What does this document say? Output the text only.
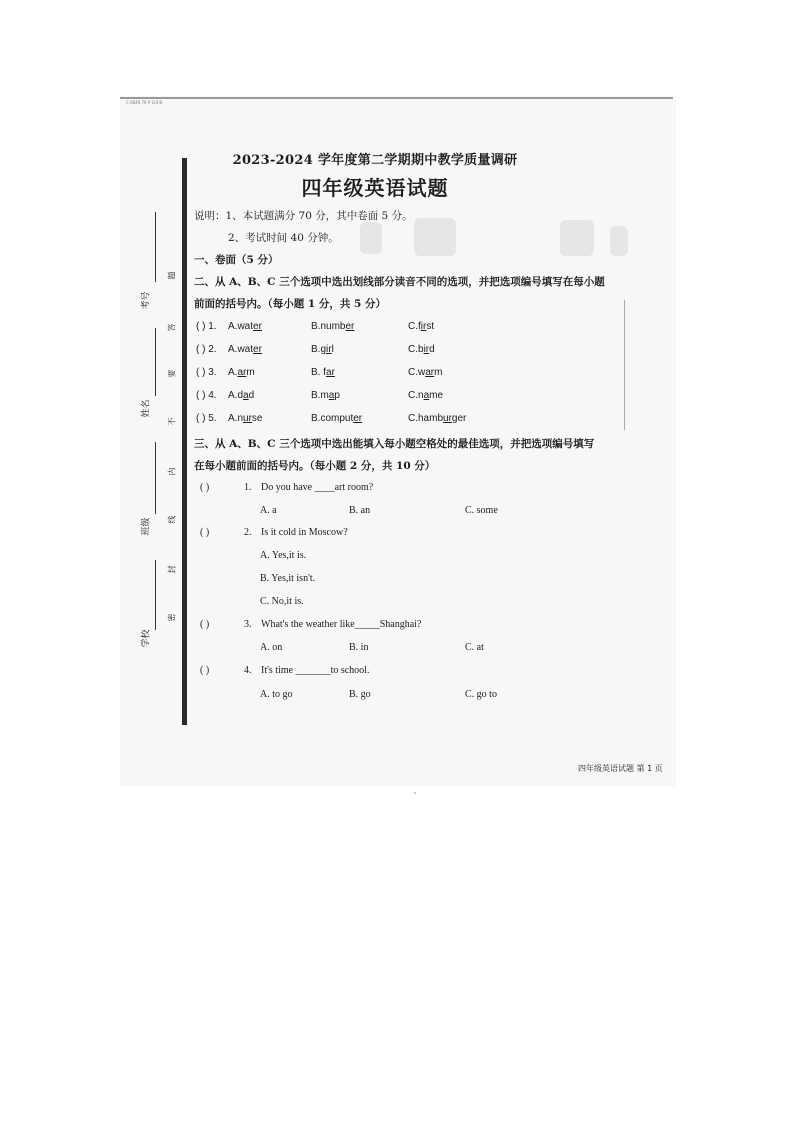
C 6649 7K P 1/4 B
考号
姓名
班级
学校
题
答
要
不
内
线
封
密
2023-2024 学年度第二学期期中教学质量调研
四年级英语试题
说明：1、本试题满分 70 分，其中卷面 5 分。
2、考试时间 40 分钟。
一、卷面（5 分）
二、从 A、B、C 三个选项中选出划线部分读音不同的选项，并把选项编号填写在每小题
前面的括号内。（每小题 1 分，共 5 分）
( ) 1. A.water	B.number	C.first
( ) 2. A.water	B.girl	C.bird
( ) 3. A.arm	B. far	C.warm
( ) 4. A.dad	B.map	C.name
( ) 5. A.nurse	B.computer	C.hamburger
三、从 A、B、C 三个选项中选出能填入每小题空格处的最佳选项，并把选项编号填写
在每小题前面的括号内。（每小题 2 分，共 10 分）
( )	1. Do you have ____art room?
A. a	B. an	C. some
( )	2. Is it cold in Moscow?
A. Yes,it is.
B. Yes,it isn't.
C. No,it is.
( )	3. What's the weather like_____Shanghai?
A. on	B. in	C. at
( )	4. It's time _______to school.
A. to go	B. go	C. go to
四年级英语试题 第 1 页
